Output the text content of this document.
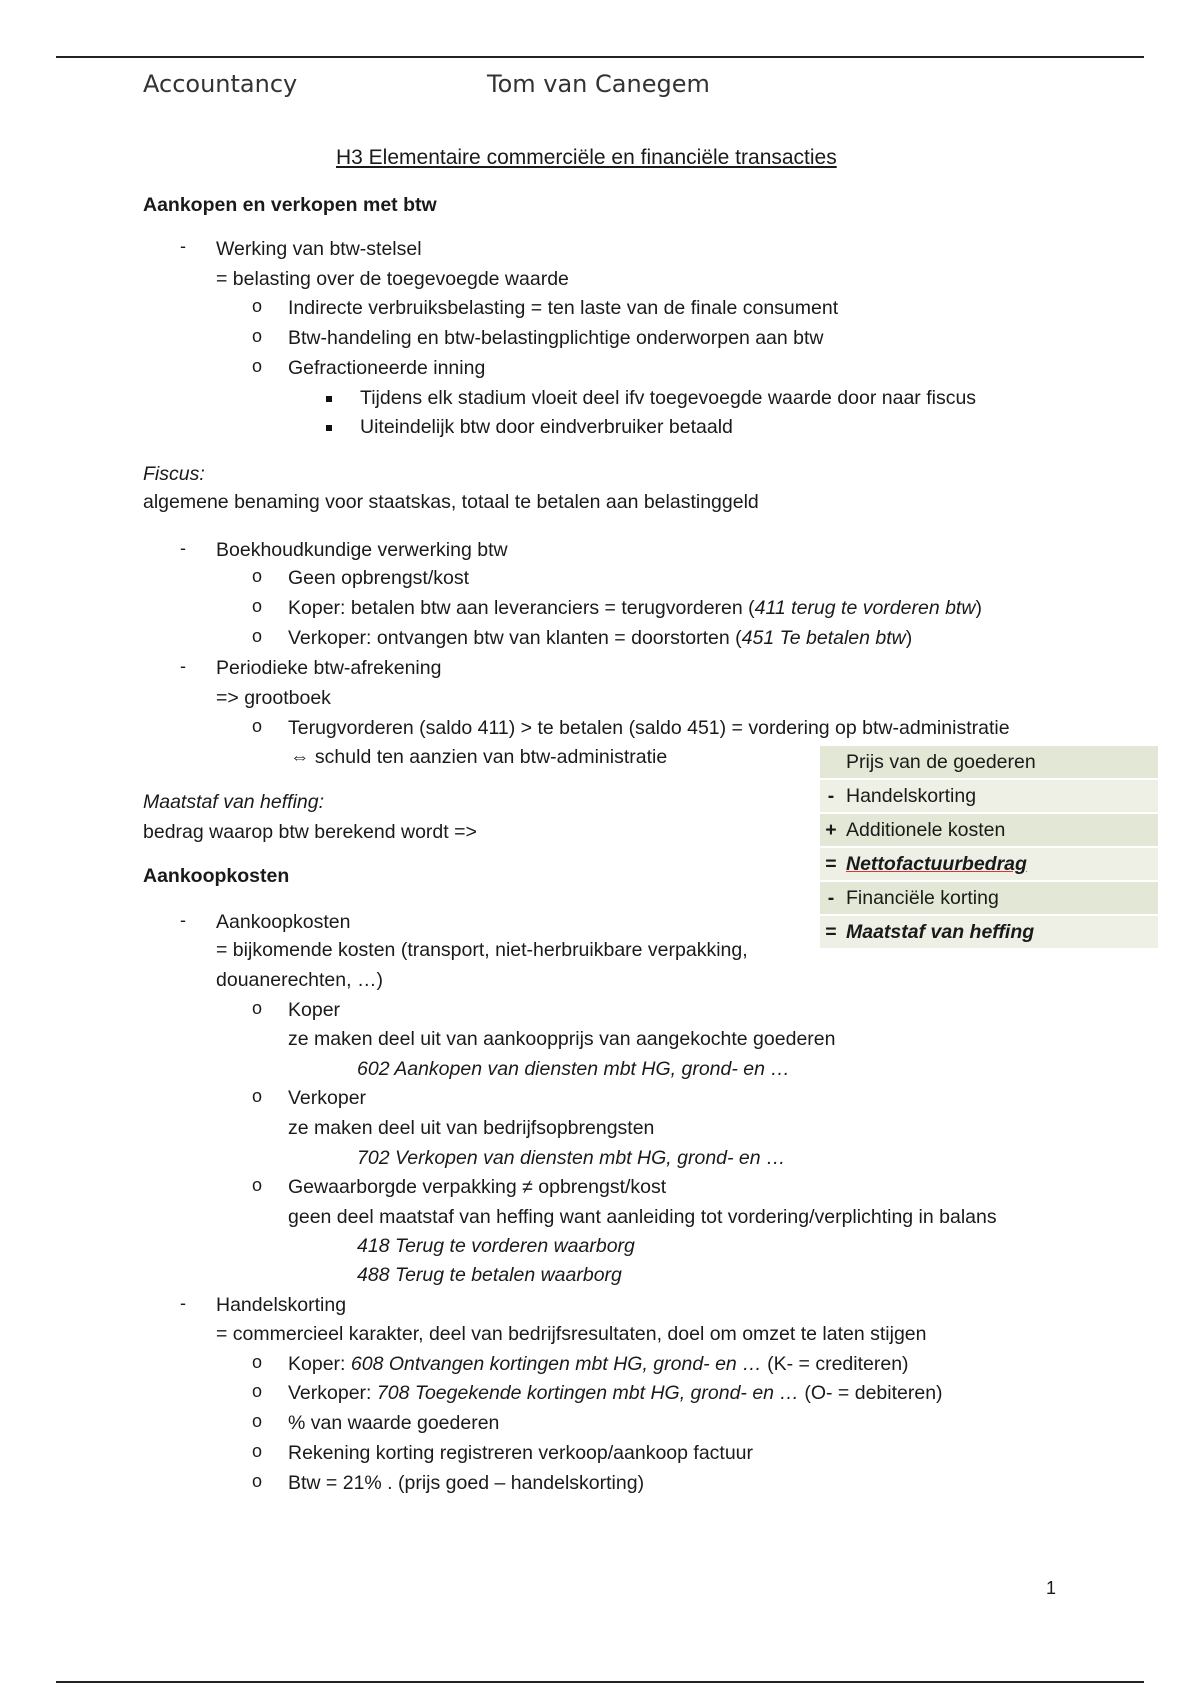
Accountancy	Tom van Canegem
H3 Elementaire commerciële en financiële transacties
Aankopen en verkopen met btw
- Werking van btw-stelsel
= belasting over de toegevoegde waarde
o Indirecte verbruiksbelasting = ten laste van de finale consument
o Btw-handeling en btw-belastingplichtige onderworpen aan btw
o Gefractioneerde inning
Tijdens elk stadium vloeit deel ifv toegevoegde waarde door naar fiscus
Uiteindelijk btw door eindverbruiker betaald
Fiscus:
algemene benaming voor staatskas, totaal te betalen aan belastinggeld
- Boekhoudkundige verwerking btw
o Geen opbrengst/kost
o Koper: betalen btw aan leveranciers = terugvorderen (411 terug te vorderen btw)
o Verkoper: ontvangen btw van klanten = doorstorten (451 Te betalen btw)
- Periodieke btw-afrekening
=> grootboek
o Terugvorderen (saldo 411) > te betalen (saldo 451) = vordering op btw-administratie
⇔ schuld ten aanzien van btw-administratie
Maatstaf van heffing:
bedrag waarop btw berekend wordt =>
Prijs van de goederen
- Handelskorting
+ Additionele kosten
= Nettofactuurbedrag
- Financiële korting
= Maatstaf van heffing
Aankoopkosten
- Aankoopkosten
= bijkomende kosten (transport, niet-herbruikbare verpakking,
douanerechten, …)
o Koper
ze maken deel uit van aankoopprijs van aangekochte goederen
602 Aankopen van diensten mbt HG, grond- en …
o Verkoper
ze maken deel uit van bedrijfsopbrengsten
702 Verkopen van diensten mbt HG, grond- en …
o Gewaarborgde verpakking ≠ opbrengst/kost
geen deel maatstaf van heffing want aanleiding tot vordering/verplichting in balans
418 Terug te vorderen waarborg
488 Terug te betalen waarborg
- Handelskorting
= commercieel karakter, deel van bedrijfsresultaten, doel om omzet te laten stijgen
o Koper: 608 Ontvangen kortingen mbt HG, grond- en … (K- = crediteren)
o Verkoper: 708 Toegekende kortingen mbt HG, grond- en … (O- = debiteren)
o % van waarde goederen
o Rekening korting registreren verkoop/aankoop factuur
o Btw = 21% . (prijs goed – handelskorting)
1
